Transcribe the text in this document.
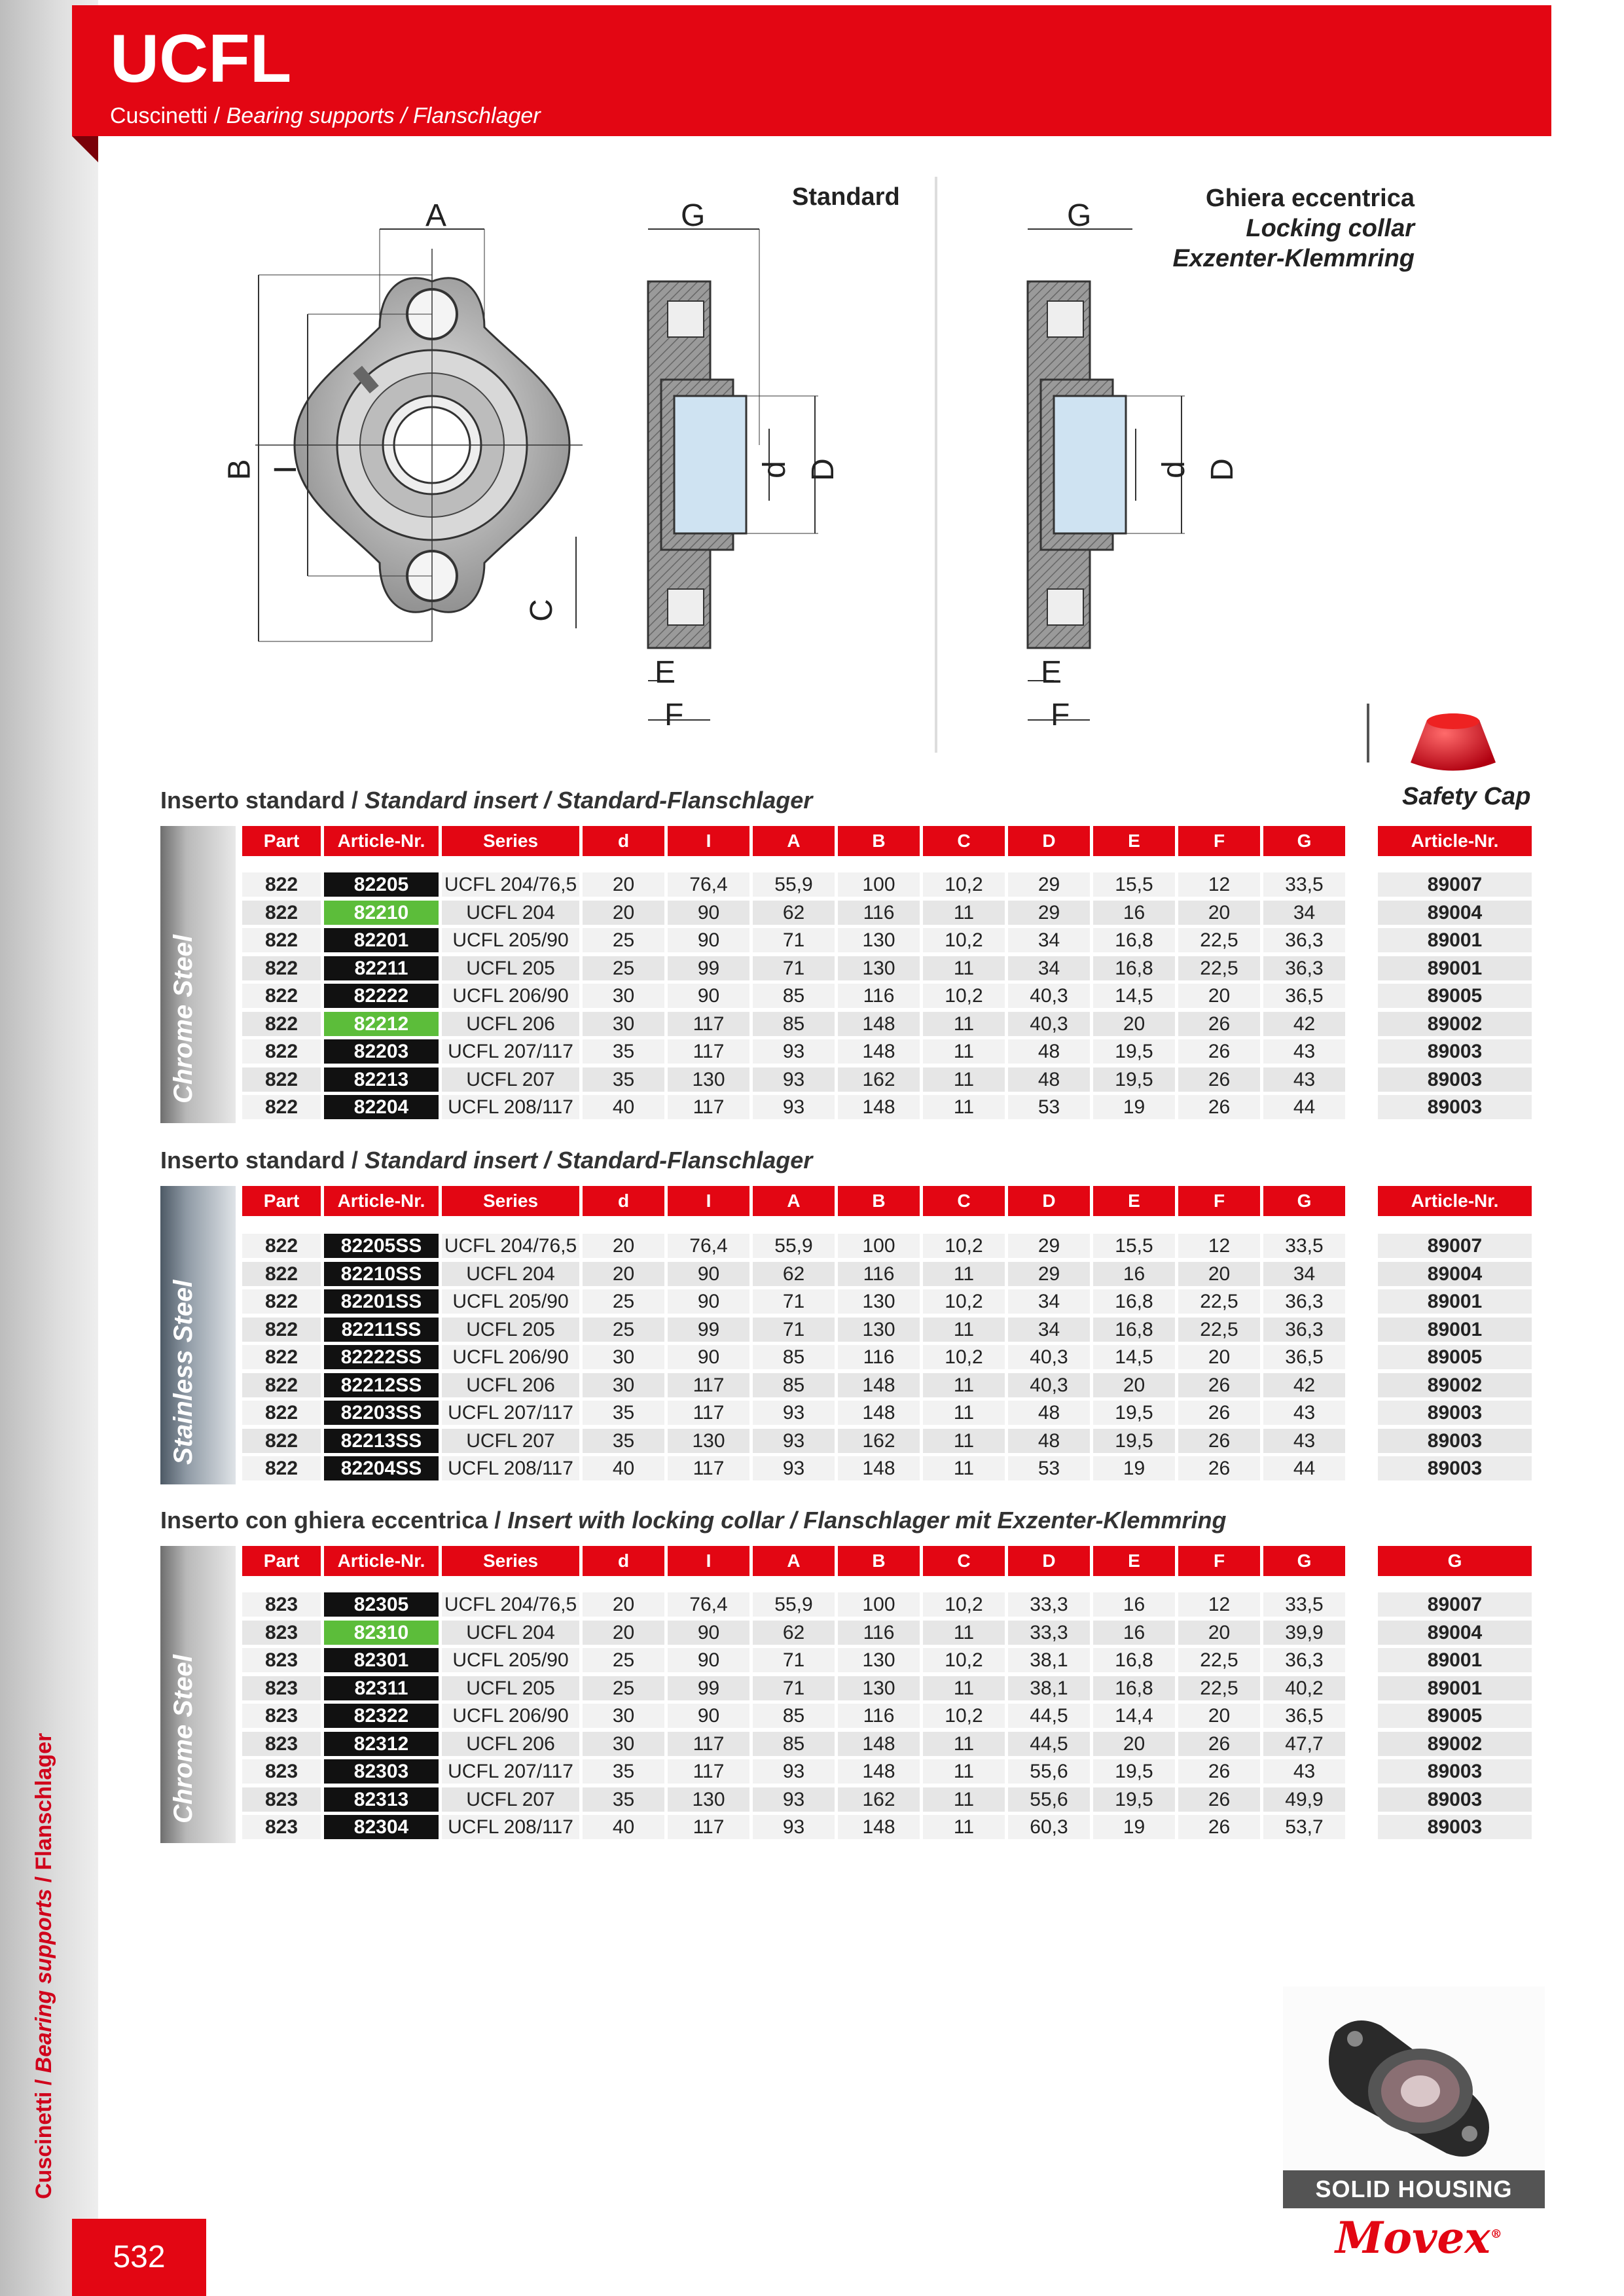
Cuscinetti / Bearing supports / Flanschlager
UCFL
Cuscinetti / Bearing supports / Flanschlager
A
B I
C
G
d D
E
F
G
d D
E
F
Standard	Ghiera eccentrica
Locking collar
Exzenter-Klemmring
Safety Cap
Inserto standard / Standard insert / Standard-Flanschlager
Chrome Steel
Part	Article-Nr.	Series	d	I	A	B	C	D	E	F	G	Article-Nr.
822	82205	UCFL 204/76,5	20	76,4	55,9	100	10,2	29	15,5	12	33,5	89007
822	82210	UCFL 204	20	90	62	116	11	29	16	20	34	89004
822	82201	UCFL 205/90	25	90	71	130	10,2	34	16,8	22,5	36,3	89001
822	82211	UCFL 205	25	99	71	130	11	34	16,8	22,5	36,3	89001
822	82222	UCFL 206/90	30	90	85	116	10,2	40,3	14,5	20	36,5	89005
822	82212	UCFL 206	30	117	85	148	11	40,3	20	26	42	89002
822	82203	UCFL 207/117	35	117	93	148	11	48	19,5	26	43	89003
822	82213	UCFL 207	35	130	93	162	11	48	19,5	26	43	89003
822	82204	UCFL 208/117	40	117	93	148	11	53	19	26	44	89003
Inserto standard / Standard insert / Standard-Flanschlager
Stainless Steel
Part	Article-Nr.	Series	d	I	A	B	C	D	E	F	G	Article-Nr.
822	82205SS	UCFL 204/76,5	20	76,4	55,9	100	10,2	29	15,5	12	33,5	89007
822	82210SS	UCFL 204	20	90	62	116	11	29	16	20	34	89004
822	82201SS	UCFL 205/90	25	90	71	130	10,2	34	16,8	22,5	36,3	89001
822	82211SS	UCFL 205	25	99	71	130	11	34	16,8	22,5	36,3	89001
822	82222SS	UCFL 206/90	30	90	85	116	10,2	40,3	14,5	20	36,5	89005
822	82212SS	UCFL 206	30	117	85	148	11	40,3	20	26	42	89002
822	82203SS	UCFL 207/117	35	117	93	148	11	48	19,5	26	43	89003
822	82213SS	UCFL 207	35	130	93	162	11	48	19,5	26	43	89003
822	82204SS	UCFL 208/117	40	117	93	148	11	53	19	26	44	89003
Inserto con ghiera eccentrica / Insert with locking collar / Flanschlager mit Exzenter-Klemmring
Chrome Steel
Part	Article-Nr.	Series	d	I	A	B	C	D	E	F	G	G
823	82305	UCFL 204/76,5	20	76,4	55,9	100	10,2	33,3	16	12	33,5	89007
823	82310	UCFL 204	20	90	62	116	11	33,3	16	20	39,9	89004
823	82301	UCFL 205/90	25	90	71	130	10,2	38,1	16,8	22,5	36,3	89001
823	82311	UCFL 205	25	99	71	130	11	38,1	16,8	22,5	40,2	89001
823	82322	UCFL 206/90	30	90	85	116	10,2	44,5	14,4	20	36,5	89005
823	82312	UCFL 206	30	117	85	148	11	44,5	20	26	47,7	89002
823	82303	UCFL 207/117	35	117	93	148	11	55,6	19,5	26	43	89003
823	82313	UCFL 207	35	130	93	162	11	55,6	19,5	26	49,9	89003
823	82304	UCFL 208/117	40	117	93	148	11	60,3	19	26	53,7	89003
SOLID HOUSING
532	Movex®
